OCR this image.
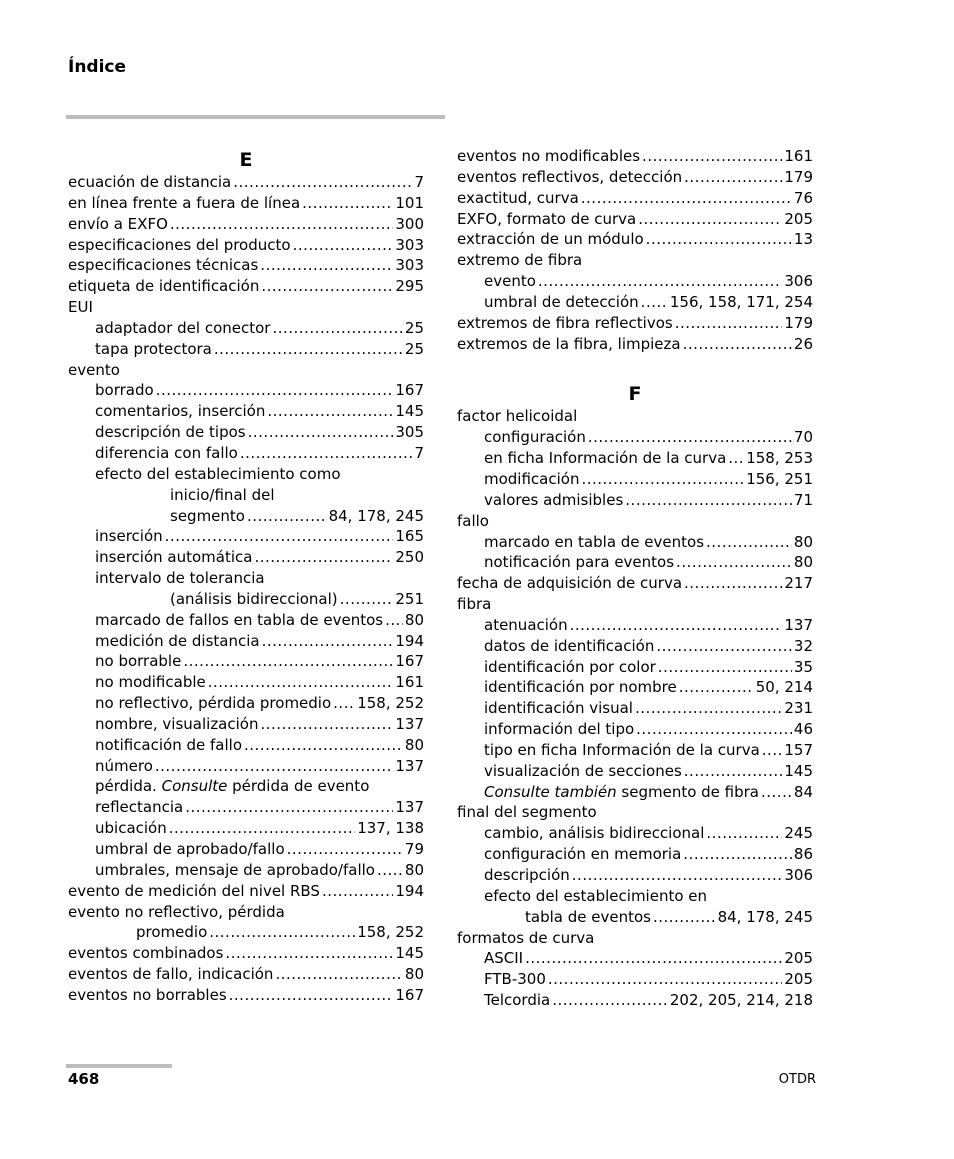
Índice
E
ecuación de distancia .....	7
en línea frente a fuera de línea .....	101
envío a EXFO .....	300
especificaciones del producto .....	303
especificaciones técnicas .....	303
etiqueta de identificación .....	295
EUI
adaptador del conector .....	25
tapa protectora .....	25
evento
borrado .....	167
comentarios, inserción .....	145
descripción de tipos .....	305
diferencia con fallo .....	7
efecto del establecimiento como
inicio/final del
segmento .....	84, 178, 245
inserción .....	165
inserción automática .....	250
intervalo de tolerancia
(análisis bidireccional) .....	251
marcado de fallos en tabla de eventos ..... 80
medición de distancia .....	194
no borrable .....	167
no modificable .....	161
no reflectivo, pérdida promedio ..... 158, 252
nombre, visualización .....	137
notificación de fallo .....	80
número .....	137
pérdida. Consulte pérdida de evento
reflectancia .....	137
ubicación .....	137, 138
umbral de aprobado/fallo .....	79
umbrales, mensaje de aprobado/fallo ..... 80
evento de medición del nivel RBS .....	194
evento no reflectivo, pérdida
promedio .....	158, 252
eventos combinados .....	145
eventos de fallo, indicación .....	80
eventos no borrables .....	167
eventos no modificables .....	161
eventos reflectivos, detección .....	179
exactitud, curva .....	76
EXFO, formato de curva .....	205
extracción de un módulo .....	13
extremo de fibra
evento .....	306
umbral de detección ..... 156, 158, 171, 254
extremos de fibra reflectivos .....	179
extremos de la fibra, limpieza .....	26
F
factor helicoidal
configuración .....	70
en ficha Información de la curva ..... 158, 253
modificación .....	156, 251
valores admisibles .....	71
fallo
marcado en tabla de eventos .....	80
notificación para eventos .....	80
fecha de adquisición de curva .....	217
fibra
atenuación .....	137
datos de identificación .....	32
identificación por color .....	35
identificación por nombre .....	50, 214
identificación visual .....	231
información del tipo .....	46
tipo en ficha Información de la curva ..... 157
visualización de secciones .....	145
Consulte también segmento de fibra ..... 84
final del segmento
cambio, análisis bidireccional .....	245
configuración en memoria .....	86
descripción .....	306
efecto del establecimiento en
tabla de eventos .....	84, 178, 245
formatos de curva
ASCII .....	205
FTB-300 .....	205
Telcordia .....	202, 205, 214, 218
468	OTDR
